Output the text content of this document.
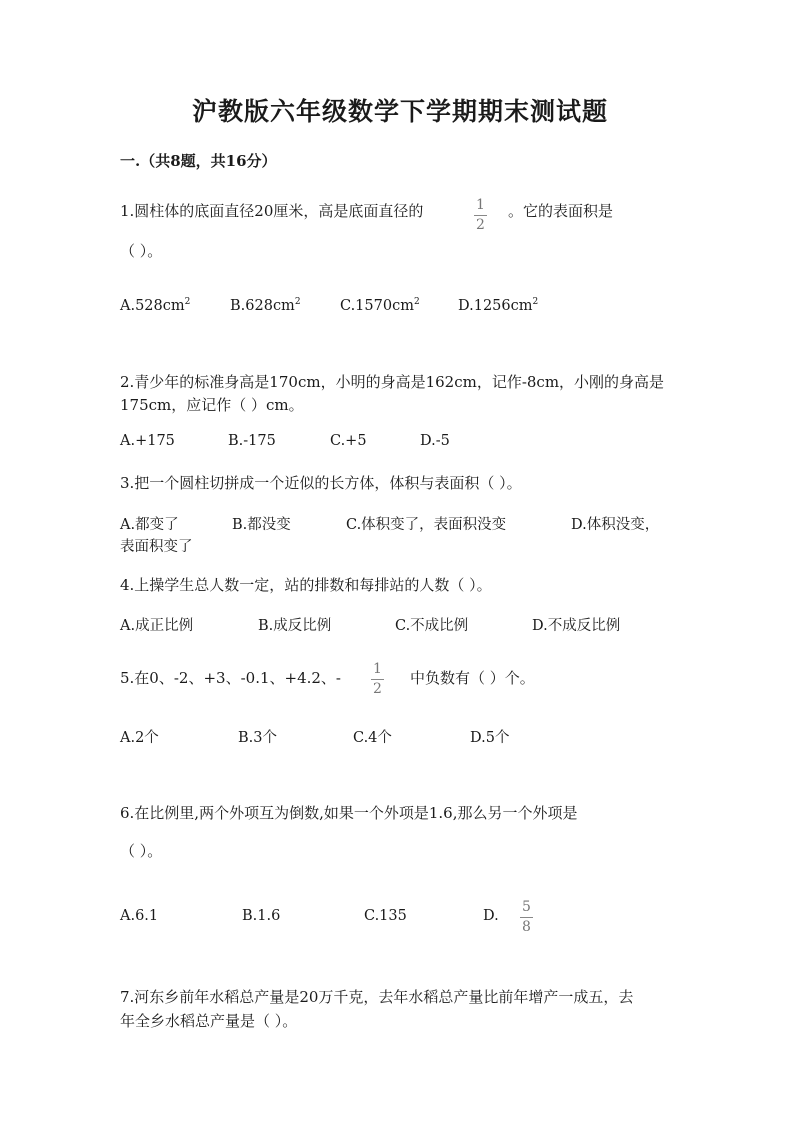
沪教版六年级数学下学期期末测试题
一.（共8题，共16分）
1.圆柱体的底面直径20厘米，高是底面直径的	1
2
。它的表面积是
（ ）。
$A.528cm^2$	$B.628cm^2$	$C.1570cm^2$	$D.1256cm^2$
2.青少年的标准身高是170cm，小明的身高是162cm，记作-8cm，小刚的身高是
175cm，应记作（ ）cm。
A.+175	B.-175	C.+5	D.-5
3.把一个圆柱切拼成一个近似的长方体，体积与表面积（ ）。
A.都变了	B.都没变	C.体积变了，表面积没变	D.体积没变，
表面积变了
4.上操学生总人数一定，站的排数和每排站的人数（ ）。
A.成正比例	B.成反比例	C.不成比例	D.不成反比例
5.在0、-2、+3、-0.1、+4.2、- 1
2
中负数有（ ）个。
A.2个	B.3个	C.4个	D.5个
6.在比例里,两个外项互为倒数,如果一个外项是1.6,那么另一个外项是
（ ）。
A.6.1	B.1.6	C.135	D.
5
8
7.河东乡前年水稻总产量是20万千克，去年水稻总产量比前年增产一成五，去
年全乡水稻总产量是（ ）。
